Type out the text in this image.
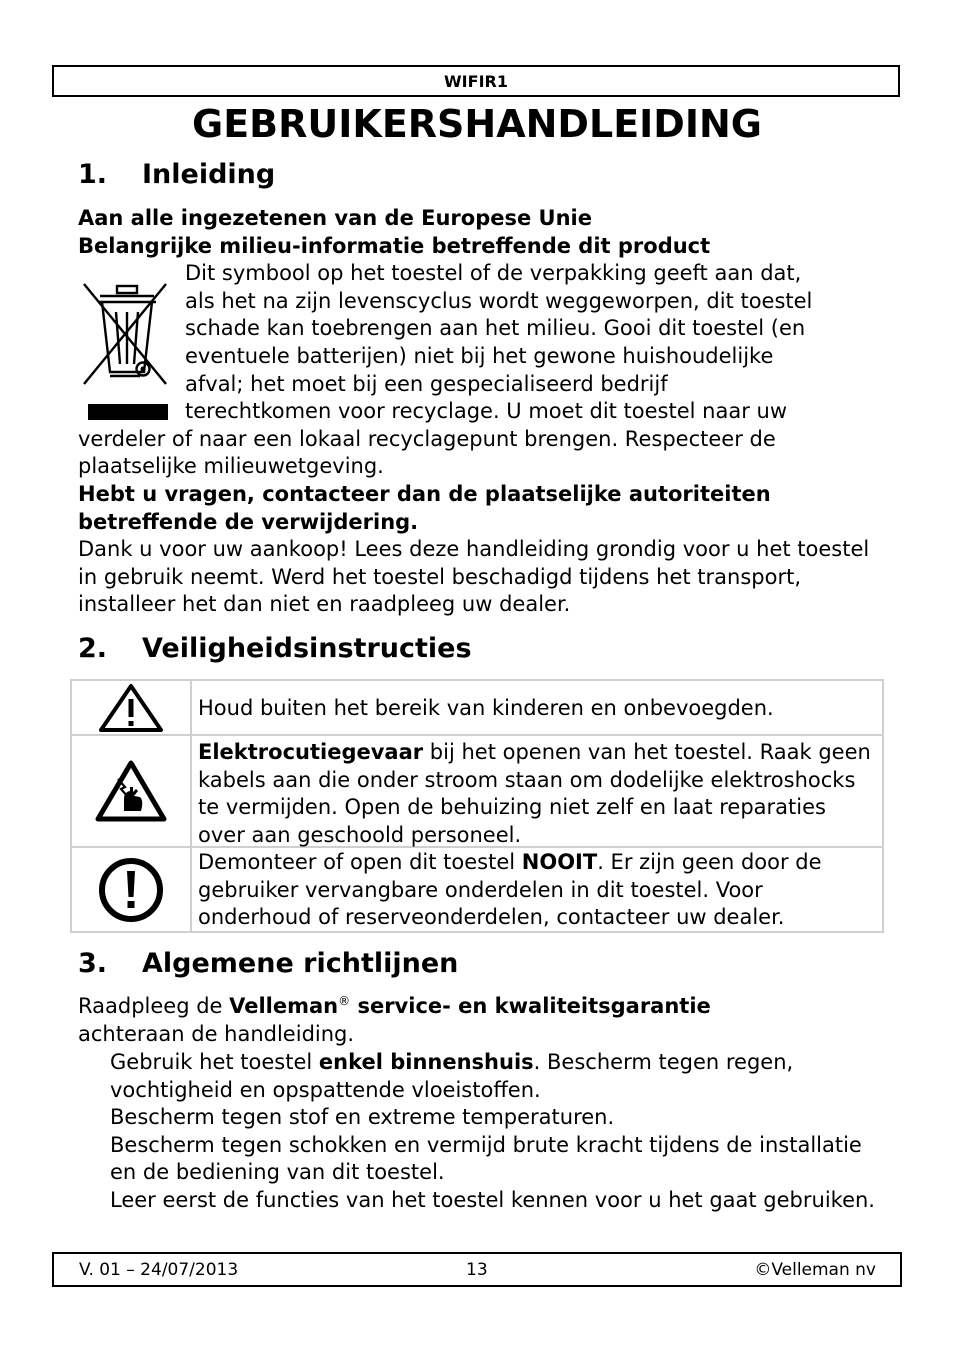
WIFIR1
GEBRUIKERSHANDLEIDING
1. Inleiding

Aan alle ingezetenen van de Europese Unie

Belangrijke milieu-informatie betreffende dit product

Dit symbool op het toestel of de verpakking geeft aan dat,

als het na zijn levenscyclus wordt weggeworpen, dit toestel

schade kan toebrengen aan het milieu. Gooi dit toestel (en

eventuele batterijen) niet bij het gewone huishoudelijke

afval; het moet bij een gespecialiseerd bedrijf

terechtkomen voor recyclage. U moet dit toestel naar uw

verdeler of naar een lokaal recyclagepunt brengen. Respecteer de plaatselijke milieuwetgeving.

Hebt u vragen, contacteer dan de plaatselijke autoriteiten betreffende de verwijdering.

Dank u voor uw aankoop! Lees deze handleiding grondig voor u het toestel in gebruik neemt. Werd het toestel beschadigd tijdens het transport, installeer het dan niet en raadpleeg uw dealer.

2. Veiligheidsinstructies
Houd buiten het bereik van kinderen en onbevoegden.
Elektrocutiegevaar bij het openen van het toestel. Raak geen kabels aan die onder stroom staan om dodelijke elektroshocks te vermijden. Open de behuizing niet zelf en laat reparaties over aan geschoold personeel.
Demonteer of open dit toestel NOOIT. Er zijn geen door de gebruiker vervangbare onderdelen in dit toestel. Voor onderhoud of reserveonderdelen, contacteer uw dealer.
3. Algemene richtlijnen

Raadpleeg de Velleman® service- en kwaliteitsgarantie

achteraan de handleiding.

Gebruik het toestel enkel binnenshuis. Bescherm tegen regen, vochtigheid en opspattende vloeistoffen.

Bescherm tegen stof en extreme temperaturen.

Bescherm tegen schokken en vermijd brute kracht tijdens de installatie en de bediening van dit toestel.

Leer eerst de functies van het toestel kennen voor u het gaat gebruiken.

V. 01 – 24/07/2013	13	©Velleman nv
